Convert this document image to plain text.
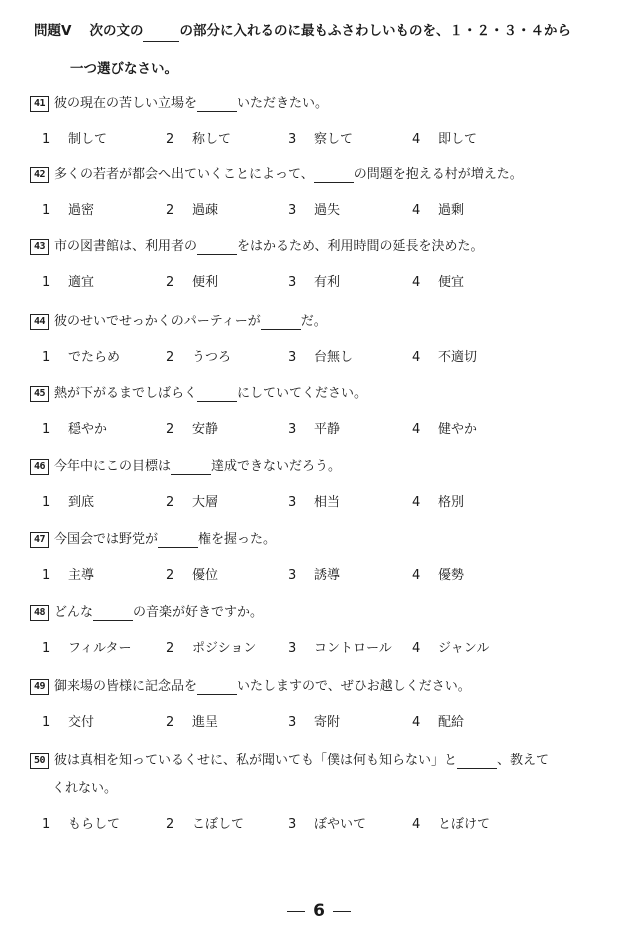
問題Ⅴ 次の文の	の部分に入れるのに最もふさわしいものを、１・２・３・４から
一つ選びなさい。
41 彼の現在の苦しい立場を	いただきたい。
1 制して	2 称して	3 察して	4 即して
42 多くの若者が都会へ出ていくことによって、	の問題を抱える村が増えた。
1 過密	2 過疎	3 過失	4 過剰
43 市の図書館は、利用者の	をはかるため、利用時間の延長を決めた。
1 適宜	2 便利	3 有利	4 便宜
44 彼のせいでせっかくのパーティーが	だ。
1 でたらめ	2 うつろ	3 台無し	4 不適切
45 熱が下がるまでしばらく	にしていてください。
1 穏やか	2 安静	3 平静	4 健やか
46 今年中にこの目標は	達成できないだろう。
1 到底	2 大層	3 相当	4 格別
47 今国会では野党が	権を握った。
1 主導	2 優位	3 誘導	4 優勢
48 どんな	の音楽が好きですか。
1 フィルター	2 ポジション 3 コントロール 4 ジャンル
49 御来場の皆様に記念品を	いたしますので、ぜひお越しください。
1 交付	2 進呈	3 寄附	4 配給
50 彼は真相を知っているくせに、私が聞いても「僕は何も知らない」と	、教えて
くれない。
1 もらして	2 こぼして	3 ぼやいて	4 とぼけて
6
